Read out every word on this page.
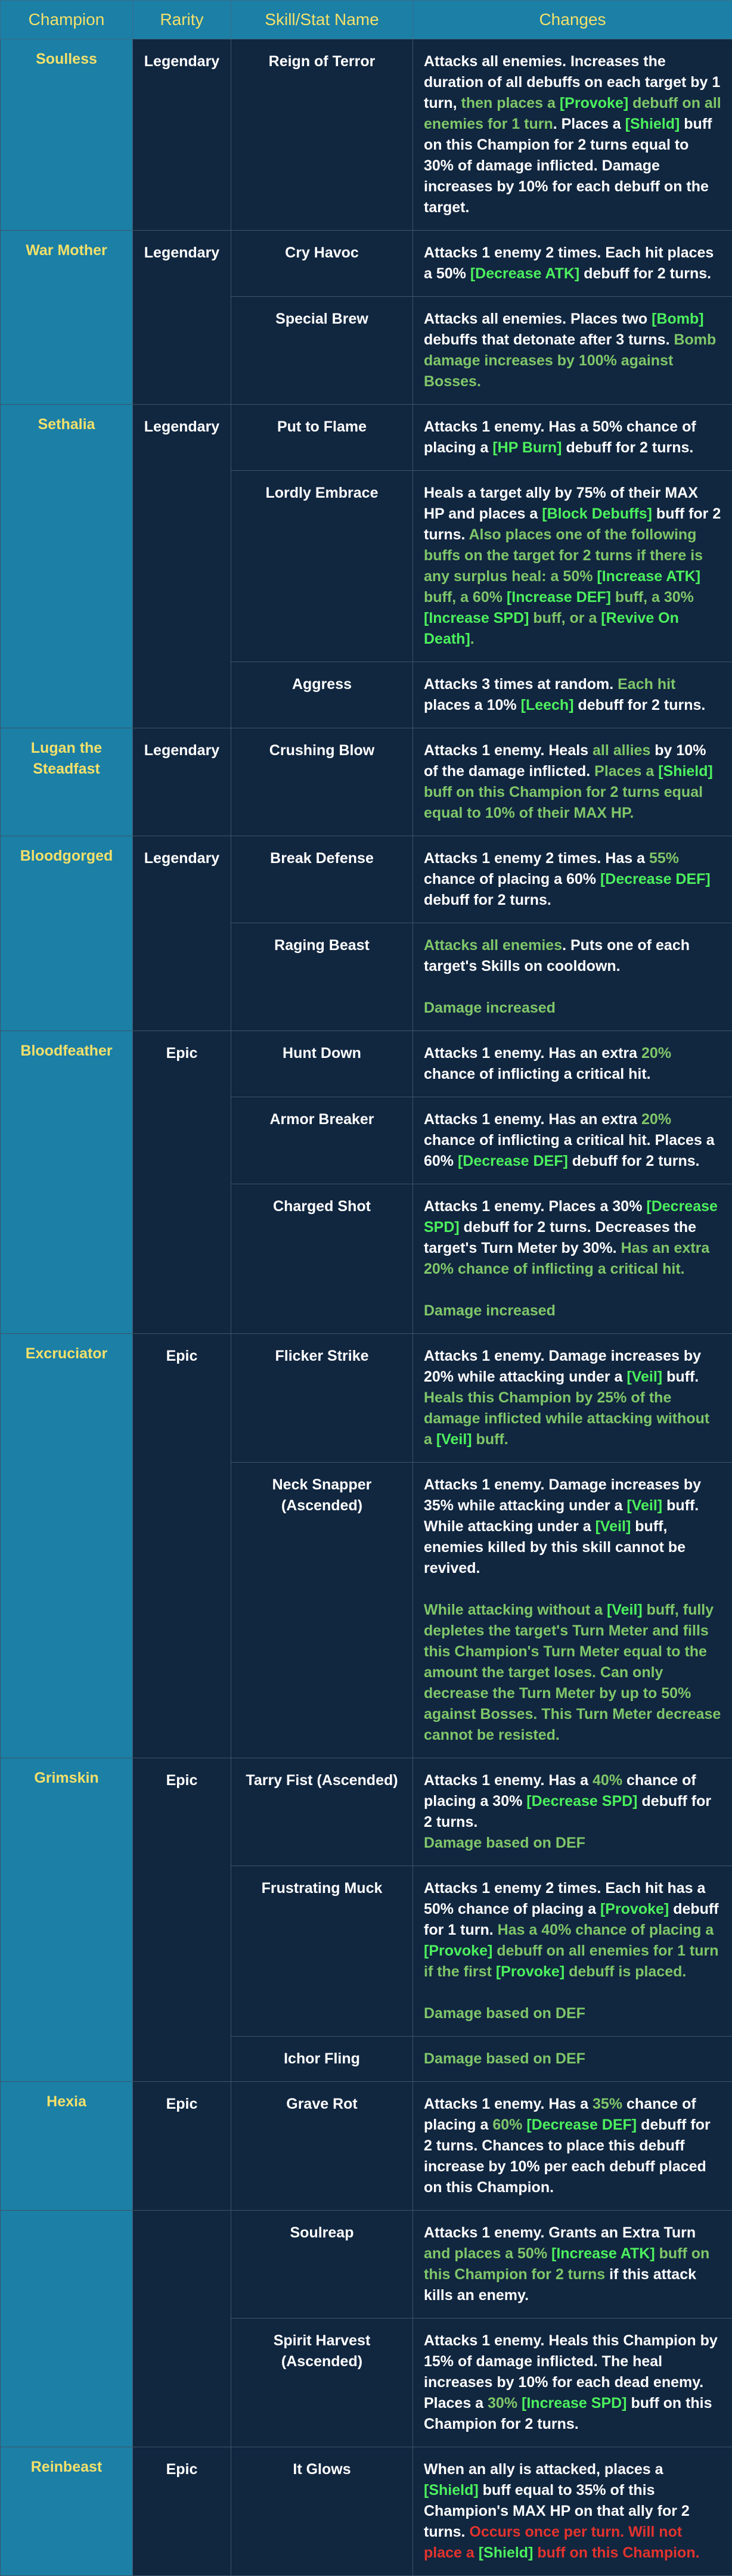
Champion	Rarity	Skill/Stat Name	Changes
Soulless	Legendary	Reign of Terror	Attacks all enemies. Increases the duration of all debuffs on each target by 1 turn, then places a [Provoke] debuff on all enemies for 1 turn. Places a [Shield] buff on this Champion for 2 turns equal to 30% of damage inflicted. Damage increases by 10% for each debuff on the target.
War Mother	Legendary	Cry Havoc	Attacks 1 enemy 2 times. Each hit places a 50% [Decrease ATK] debuff for 2 turns.
		Special Brew	Attacks all enemies. Places two [Bomb] debuffs that detonate after 3 turns. Bomb damage increases by 100% against Bosses.
Sethalia	Legendary	Put to Flame	Attacks 1 enemy. Has a 50% chance of placing a [HP Burn] debuff for 2 turns.
		Lordly Embrace	Heals a target ally by 75% of their MAX HP and places a [Block Debuffs] buff for 2 turns. Also places one of the following buffs on the target for 2 turns if there is any surplus heal: a 50% [Increase ATK] buff, a 60% [Increase DEF] buff, a 30% [Increase SPD] buff, or a [Revive On Death].
		Aggress	Attacks 3 times at random. Each hit places a 10% [Leech] debuff for 2 turns.
Lugan the Steadfast	Legendary	Crushing Blow	Attacks 1 enemy. Heals all allies by 10% of the damage inflicted. Places a [Shield] buff on this Champion for 2 turns equal equal to 10% of their MAX HP.
Bloodgorged	Legendary	Break Defense	Attacks 1 enemy 2 times. Has a 55% chance of placing a 60% [Decrease DEF] debuff for 2 turns.
		Raging Beast	Attacks all enemies. Puts one of each target's Skills on cooldown.
Damage increased
Bloodfeather	Epic	Hunt Down	Attacks 1 enemy. Has an extra 20% chance of inflicting a critical hit.
		Armor Breaker	Attacks 1 enemy. Has an extra 20% chance of inflicting a critical hit. Places a 60% [Decrease DEF] debuff for 2 turns.
		Charged Shot	Attacks 1 enemy. Places a 30% [Decrease SPD] debuff for 2 turns. Decreases the target's Turn Meter by 30%. Has an extra 20% chance of inflicting a critical hit.
Damage increased
Excruciator	Epic	Flicker Strike	Attacks 1 enemy. Damage increases by 20% while attacking under a [Veil] buff. Heals this Champion by 25% of the damage inflicted while attacking without a [Veil] buff.
		Neck Snapper (Ascended)	Attacks 1 enemy. Damage increases by 35% while attacking under a [Veil] buff. While attacking under a [Veil] buff, enemies killed by this skill cannot be revived.
While attacking without a [Veil] buff, fully depletes the target's Turn Meter and fills this Champion's Turn Meter equal to the amount the target loses. Can only decrease the Turn Meter by up to 50% against Bosses. This Turn Meter decrease cannot be resisted.
Grimskin	Epic	Tarry Fist (Ascended)	Attacks 1 enemy. Has a 40% chance of placing a 30% [Decrease SPD] debuff for 2 turns.
Damage based on DEF

		Frustrating Muck	Attacks 1 enemy 2 times. Each hit has a 50% chance of placing a [Provoke] debuff for 1 turn. Has a 40% chance of placing a [Provoke] debuff on all enemies for 1 turn if the first [Provoke] debuff is placed.
Damage based on DEF
		Ichor Fling	Damage based on DEF
Hexia	Epic	Grave Rot	Attacks 1 enemy. Has a 35% chance of placing a 60% [Decrease DEF] debuff for 2 turns. Chances to place this debuff increase by 10% per each debuff placed on this Champion.
		Soulreap	Attacks 1 enemy. Grants an Extra Turn and places a 50% [Increase ATK] buff on this Champion for 2 turns if this attack kills an enemy.
		Spirit Harvest (Ascended)	Attacks 1 enemy. Heals this Champion by 15% of damage inflicted. The heal increases by 10% for each dead enemy. Places a 30% [Increase SPD] buff on this Champion for 2 turns.
Reinbeast	Epic	It Glows	When an ally is attacked, places a [Shield] buff equal to 35% of this Champion's MAX HP on that ally for 2 turns. Occurs once per turn. Will not place a [Shield] buff on this Champion.
